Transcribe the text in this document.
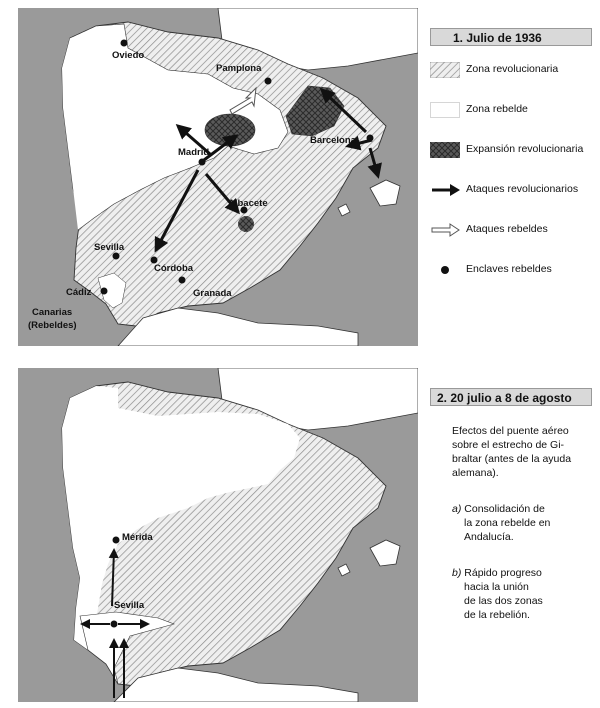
Oviedo
Pamplona
Barcelona
Madrid
Albacete
Sevilla
Córdoba
Granada
Cádiz
Canarias
(Rebeldes)
1. Julio de 1936
Zona revolucionaria
Zona rebelde
Expansión revolucionaria
Ataques revolucionarios
Ataques rebeldes
Enclaves rebeldes
Mérida
Sevilla
2. 20 julio a 8 de agosto
Efectos del puente aéreo
sobre el estrecho de Gi-
braltar (antes de la ayuda
alemana).
a) Consolidación de
la zona rebelde en
Andalucía.
b) Rápido progreso
hacia la unión
de las dos zonas
de la rebelión.
